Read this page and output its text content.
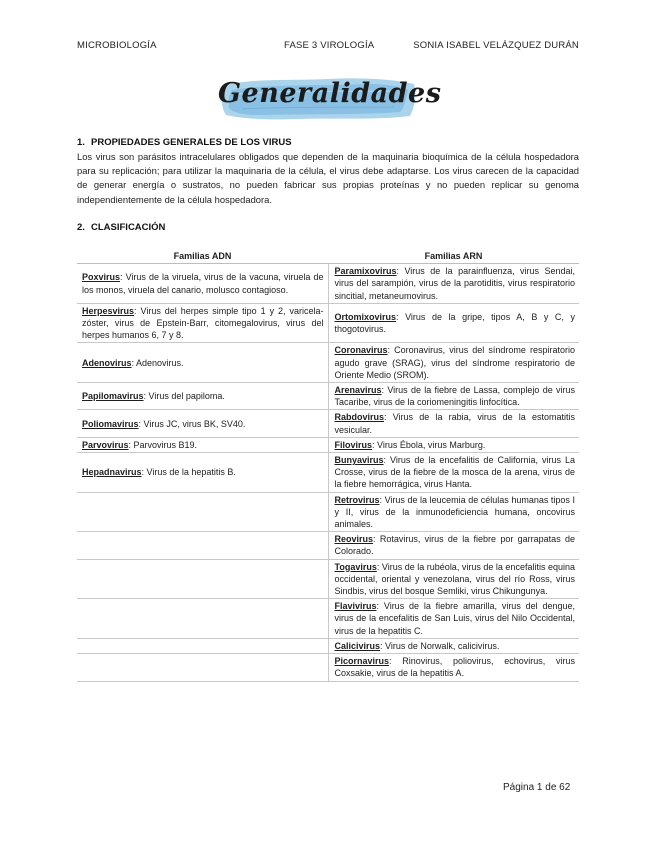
MICROBIOLOGÍA	FASE 3 VIROLOGÍA	SONIA ISABEL VELÁZQUEZ DURÁN
Generalidades
1. PROPIEDADES GENERALES DE LOS VIRUS
Los virus son parásitos intracelulares obligados que dependen de la maquinaria bioquímica de la célula hospedadora para su replicación; para utilizar la maquinaria de la célula, el virus debe adaptarse. Los virus carecen de la capacidad de generar energía o sustratos, no pueden fabricar sus propias proteínas y no pueden replicar su genoma independientemente de la célula hospedadora.
2. CLASIFICACIÓN
Familias ADN	Familias ARN
Poxvirus: Virus de la viruela, virus de la vacuna, viruela de los monos, viruela del canario, molusco contagioso.	Paramixovirus: Virus de la parainfluenza, virus Sendai, virus del sarampión, virus de la parotiditis, virus respiratorio sincitial, metaneumovirus.
Herpesvirus: Virus del herpes simple tipo 1 y 2, varicela-zóster, virus de Epstein-Barr, citomegalovirus, virus del herpes humanos 6, 7 y 8.	Ortomixovirus: Virus de la gripe, tipos A, B y C, y thogotovirus.
Adenovirus: Adenovirus.	Coronavirus: Coronavirus, virus del síndrome respiratorio agudo grave (SRAG), virus del síndrome respiratorio de Oriente Medio (SROM).
Papilomavirus: Virus del papiloma.	Arenavirus: Virus de la fiebre de Lassa, complejo de virus Tacaribe, virus de la coriomeningitis linfocítica.
Poliomavirus: Virus JC, virus BK, SV40.	Rabdovirus: Virus de la rabia, virus de la estomatitis vesicular.
Parvovirus: Parvovirus B19.	Filovirus: Virus Ébola, virus Marburg.
Hepadnavirus: Virus de la hepatitis B.	Bunyavirus: Virus de la encefalitis de California, virus La Crosse, virus de la fiebre de la mosca de la arena, virus de la fiebre hemorrágica, virus Hanta.
	Retrovirus: Virus de la leucemia de células humanas tipos I y II, virus de la inmunodeficiencia humana, oncovirus animales.
	Reovirus: Rotavirus, virus de la fiebre por garrapatas de Colorado.
	Togavirus: Virus de la rubéola, virus de la encefalitis equina occidental, oriental y venezolana, virus del río Ross, virus Sindbis, virus del bosque Semliki, virus Chikungunya.
	Flavivirus: Virus de la fiebre amarilla, virus del dengue, virus de la encefalitis de San Luis, virus del Nilo Occidental, virus de la hepatitis C.
	Calicivirus: Virus de Norwalk, calicivirus.
	Picornavirus: Rinovirus, poliovirus, echovirus, virus Coxsakie, virus de la hepatitis A.
Página 1 de 62
